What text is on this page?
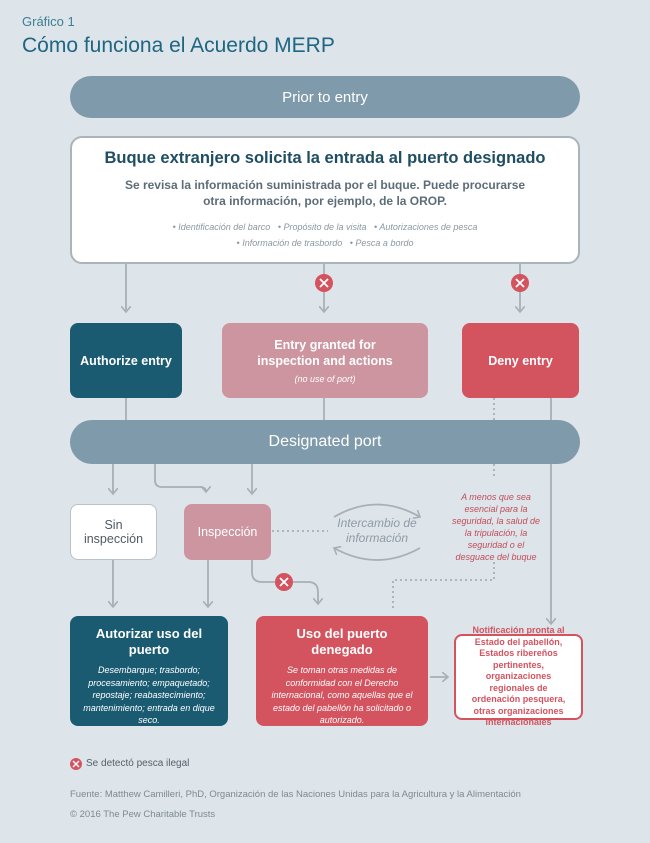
Gráfico 1
Cómo funciona el Acuerdo MERP
Prior to entry
Buque extranjero solicita la entrada al puerto designado
Se revisa la información suministrada por el buque. Puede procurarse
otra información, por ejemplo, de la OROP.
• Identificación del barco • Propósito de la visita • Autorizaciones de pesca
• Información de trasbordo • Pesca a bordo
Authorize entry
Entry granted for inspection and actions
(no use of port)
Deny entry
Designated port
Sin inspección	Inspección
Intercambio de información
A menos que sea esencial para la seguridad, la salud de la tripulación, la seguridad o el desguace del buque
Autorizar uso del puerto
Desembarque; trasbordo; procesamiento; empaquetado; repostaje; reabastecimiento; mantenimiento; entrada en dique seco.
Uso del puerto denegado
Se toman otras medidas de conformidad con el Derecho internacional, como aquellas que el estado del pabellón ha solicitado o autorizado.
Notificación pronta al Estado del pabellón, Estados ribereños pertinentes, organizaciones regionales de ordenación pesquera, otras organizaciones internacionales
Se detectó pesca ilegal
Fuente: Matthew Camilleri, PhD, Organización de las Naciones Unidas para la Agricultura y la Alimentación
© 2016 The Pew Charitable Trusts
